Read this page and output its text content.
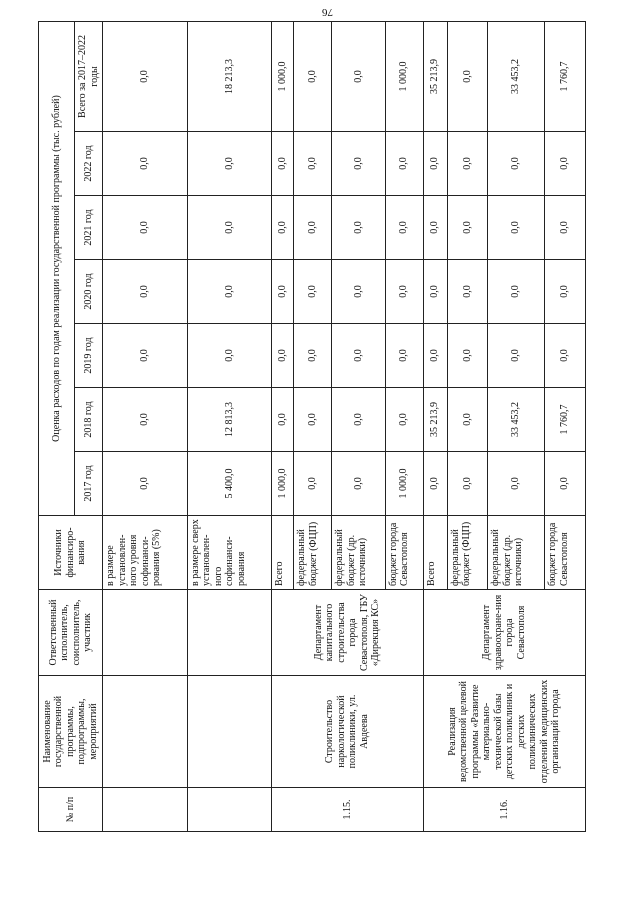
76
№ п/п	Наименование государственной программы, подпрограммы, мероприятий	Ответственный исполнитель, соисполнитель, участник	Источники финансиро-вания	Оценка расходов по годам реализации государственной программы (тыс. рублей)						
				2017 год	2018 год	2019 год	2020 год	2021 год	2022 год	Всего за 2017–2022 годы
			в размере установлен-ного уровня софинанси-рования (5%)	0,0	0,0	0,0	0,0	0,0	0,0	0,0
			в размере сверх установлен-ного софинанси-рования	5 400,0	12 813,3	0,0	0,0	0,0	0,0	18 213,3
1.15.	Строительство наркологической поликлиники, ул. Авдеева	Департамент капитального строительства города Севастополя, ГБУ «Дирекция КС»	Всего	1 000,0	0,0	0,0	0,0	0,0	0,0	1 000,0
			федеральный бюджет (ФЦП)	0,0	0,0	0,0	0,0	0,0	0,0	0,0
			федеральный бюджет (др. источники)	0,0	0,0	0,0	0,0	0,0	0,0	0,0
			бюджет города Севастополя	1 000,0	0,0	0,0	0,0	0,0	0,0	1 000,0
1.16.	Реализация ведомственной целевой программы «Развитие материально-технической базы детских поликлиник и детских поликлинических отделений медицинских организаций города	Департамент здравоохране-ния города Севастополя	Всего	0,0	35 213,9	0,0	0,0	0,0	0,0	35 213,9
			федеральный бюджет (ФЦП)	0,0	0,0	0,0	0,0	0,0	0,0	0,0
			федеральный бюджет (др. источники)	0,0	33 453,2	0,0	0,0	0,0	0,0	33 453,2
			бюджет города Севастополя	0,0	1 760,7	0,0	0,0	0,0	0,0	1 760,7
